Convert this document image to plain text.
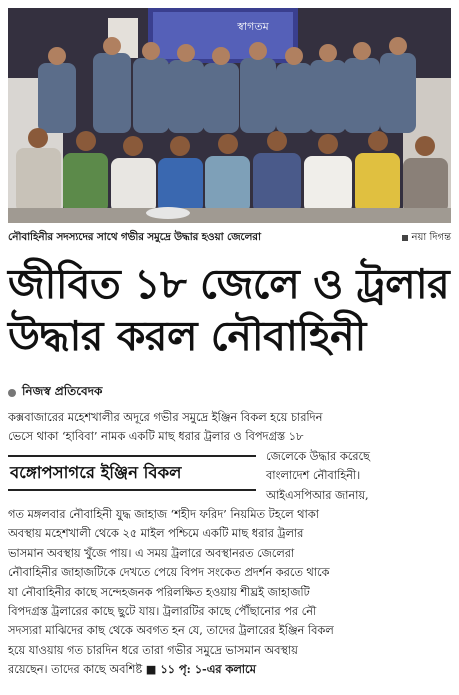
স্বাগতম
নৌবাহিনীর সদস্যদের সাথে গভীর সমুদ্রে উদ্ধার হওয়া জেলেরা	নয়া দিগন্ত
জীবিত ১৮ জেলে ও ট্রলার
উদ্ধার করল নৌবাহিনী
নিজস্ব প্রতিবেদক
কক্সবাজারের মহেশখালীর অদূরে গভীর সমুদ্রে ইঞ্জিন বিকল হয়ে চারদিন
ভেসে থাকা ‘হাবিবা’ নামক একটি মাছ ধরার ট্রলার ও বিপদগ্রস্ত ১৮
জেলেকে উদ্ধার করেছে
বাংলাদেশ নৌবাহিনী।
আইএসপিআর জানায়,
গত মঙ্গলবার নৌবাহিনী যুদ্ধ জাহাজ ‘শহীদ ফরিদ’ নিয়মিত টহলে থাকা
অবস্থায় মহেশখালী থেকে ২৫ মাইল পশ্চিমে একটি মাছ ধরার ট্রলার
ভাসমান অবস্থায় খুঁজে পায়। এ সময় ট্রলারে অবস্থানরত জেলেরা
নৌবাহিনীর জাহাজটিকে দেখতে পেয়ে বিপদ সংকেত প্রদর্শন করতে থাকে
যা নৌবাহিনীর কাছে সন্দেহজনক পরিলক্ষিত হওয়ায় শীঘ্রই জাহাজটি
বিপদগ্রস্ত ট্রলারের কাছে ছুটে যায়। ট্রলারটির কাছে পৌঁছানোর পর নৌ
সদস্যরা মাঝিদের কাছ থেকে অবগত হন যে, তাদের ট্রলারের ইঞ্জিন বিকল
হয়ে যাওয়ায় গত চারদিন ধরে তারা গভীর সমুদ্রে ভাসমান অবস্থায়
রয়েছেন। তাদের কাছে অবশিষ্ট ■ ১১ পৃ: ১-এর কলামে
বঙ্গোপসাগরে ইঞ্জিন বিকল
